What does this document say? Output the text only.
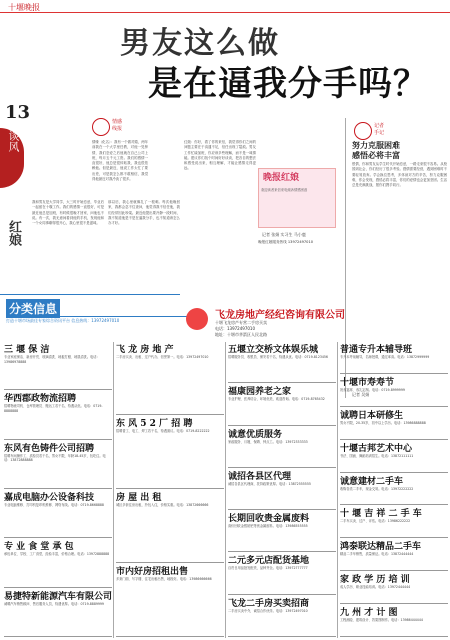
十堰晚报
男友这么做
是在逼我分手吗？
13
谈风
红娘
情感
线报
情缘（化名）：我有一个做对婚，两年前我在一个大学里任教，对他一见钟情，我们恋爱之后他就在自己公司上班，每月五千元工资。我们的感情一直很好，他总是很体贴我，我也很依赖他。但是最近，他说工作太忙了要出差，可是我怎么都不敢相信，我觉得他最近对我冷淡了很多。
我和男友是大学同学，大三时开始恋爱，毕业后一起留在十堰工作。我们的感情一直很好，可是最近他总是加班，有时候很晚才回家，问他也不说。有一次，我无意间看到他的手机，发现他和一个女同事聊得很开心，我心里很不是滋味。
那以后，我心里就像扎了一根刺。每次他晚回家，我都会忍不住查问，他觉得我不信任他，我们经常因此吵架。最近他提出要冷静一段时间，我不知道他是不是在逼我分手，也不知道该怎么办才好。
红娘：你好，看了你的来信，我觉得你们之间的问题主要在于沟通不足，信任出现了裂痕。男友工作忙碌加班，你应该多些理解，而不是一味猜疑。建议你们找个时间好好谈谈，把各自的想法和感受说出来，相互理解，才能让感情走得更远。
晚报红娘
欢迎读者来信来电倾诉情感困惑
记者 张娟 实习生 马小鹿
晚报红娘服务热线 13972497010
记者
手记
努力克服困难
感悟必将丰富
恨情，你和男友从学生时代开始恋爱，一路走来很不容易。从校园到社会，你们经历了很多考验。感情需要经营，遇到困难时不要轻易放弃。学会换位思考，多体谅对方的辛苦，努力克服困难，你会发现，感悟必将丰富，你们的爱情也会更加坚固。生活总是充满挑战，愿你们携手同行。
记者 吴娟
分类信息
打造十堰市场最佳专家综合资讯平台 信息热线：13972497010	飞龙房地产经纪咨询有限公司
十堰飞龙房产专营二手房买卖
电话：13972497010
地址：十堰市茅箭区人民北路
三 堰 保 洁
专业家庭保洁、新房开荒、玻璃清洗、地板打蜡、地毯清洗。电话：13986978888
华西郡政物流招聘
招聘物流司机、仓库管理员、搬运工若干名，待遇从优。电话：0719-8888888
东风有色铸件公司招聘
招聘车间操作工、质检员若干名，男女不限，年龄18-45岁，包吃住。电话：13872888888
嘉成电脑办公设备科技
专业电脑维修、打印机复印机维修、网络布线。电话：0719-8668888
专 业 食 堂 承 包
承包单位、学校、工厂食堂，经验丰富，价格合理。电话：13972888888
易捷特新能源汽车有限公司
诚聘汽车销售顾问、售后服务人员，待遇优厚。电话：0719-8889999
飞 龙 房 地 产
二手房买卖、出租、过户代办，信誉第一。电话：13972497010
东 风 5 2 厂 招 聘
招聘普工、电工、焊工若干名，待遇面议。电话：0719-8222222
房 屋 出 租
城区多套住房出租，拎包入住，价格实惠。电话：13872666666
市内好房招租出售
多套门面、写字楼、住宅出租出售，地段好。电话：13986666666
五堰立交桥文体娱乐城
招聘服务员、收银员、保安若干名，待遇从优。电话：0719-8123456
福康园养老之家
专业护理、医养结合，环境优美，欢迎咨询。电话：0719-8765432
诚意优质服务
家政服务、月嫂、保姆、钟点工。电话：13972333333
诚招各县区代理
诚招各县区代理商，扶持政策优厚。电话：13872555555
长期回收贵金属废料
高价回收金银铂钯等贵金属废料。电话：13986555555
二元多元店配货基地
百货日用品批发配货，品种齐全。电话：13972777777
飞龙二手房买卖招商
二手房买卖中介，诚招合作伙伴。电话：13972497010
普通专升本辅导班
专升本考前辅导，名师授课，通过率高。电话：13872999999
十堰市寿寿节
祝寿宴席、寿礼定制。电话：0719-8999999
诚聘日本研修生
男女不限，20-35岁，初中以上学历。电话：13986888888
十堰古邦艺术中心
书法、国画、舞蹈培训招生。电话：13872111111
诚意建材二手车
收购各类二手车，现金交易。电话：13972222222
十 堰 吉 祥 二 手 车
二手车买卖、过户、评估。电话：13986222222
鸿泰联达精品二手车
精品二手车销售，质量保证。电话：13872444444
家 政 学 历 培 训
成人学历、职业技能培训。电话：13972444444
九 州 才 计 图
工程测绘、建筑设计、效果图制作。电话：13986444444
